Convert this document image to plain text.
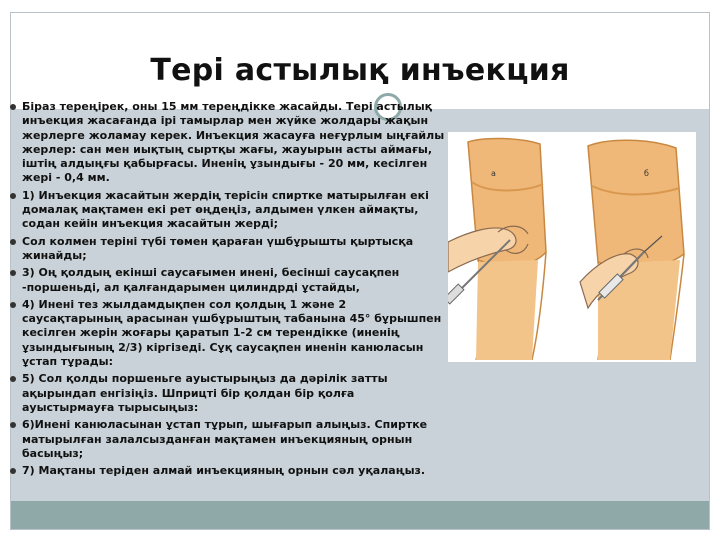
Тері астылық инъекция

Біраз тереңірек, оны 15 мм тереңдікке жасайды. Тері астылық инъекция жасағанда ірі тамырлар мен жүйке жолдары жақын жерлерге жоламау керек. Инъекция жасауға неғұрлым ыңғайлы жерлер: сан мен иықтың сыртқы жағы, жауырын асты аймағы, іштің алдыңғы қабырғасы. Иненің ұзындығы - 20 мм, кесілген жері - 0,4 мм.

1) Инъекция жасайтын жердің терісін спиртке матырылған екі домалақ мақтамен екі рет өңдеңіз, алдымен үлкен аймақты, содан кейін инъекция жасайтын жерді;

Сол колмен теріні түбі төмен қараған үшбұрышты қыртысқа жинайды;

3) Оң қолдың екінші саусағымен инені, бесінші саусақпен -поршеньді, ал қалғандарымен цилиндрді ұстайды,

4) Инені тез жылдамдықпен сол қолдың 1 және 2 саусақтарының арасынан үшбұрыштың табанына 45° бұрышпен кесілген жерін жоғары қаратып 1-2 см терендікке (иненің ұзындығының 2/3) кіргізеді. Сұқ саусақпен иненін канюласын ұстап тұрады:

5) Сол қолды поршеньге ауыстырыңыз да дәрілік затты ақырындап енгізіңіз. Шприцті бір қолдан бір қолға ауыстырмауға тырысыңыз:

6)Инені канюласынан ұстап тұрып, шығарып алыңыз. Спиртке матырылған залалсызданған мақтамен инъекцияның орнын басыңыз;

7) Мақтаны теріден алмай инъекцияның орнын сәл уқалаңыз.

а	б
